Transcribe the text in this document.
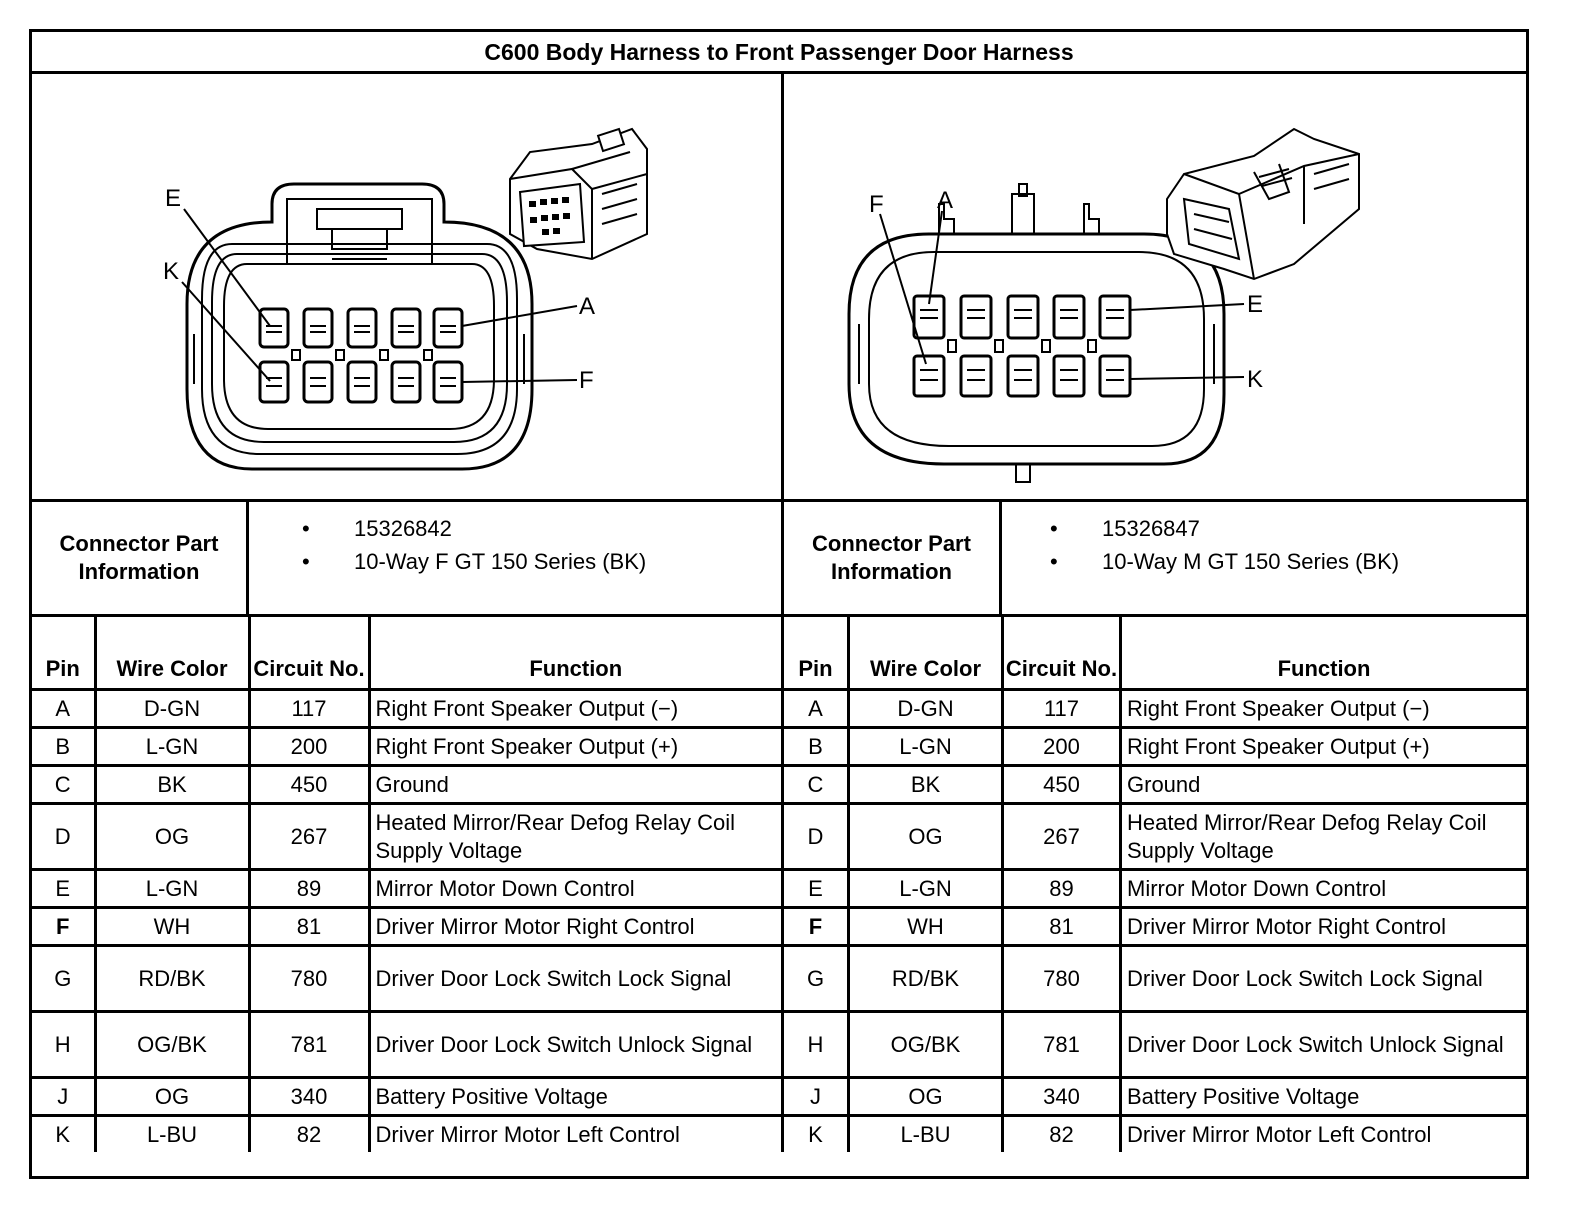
C600 Body Harness to Front Passenger Door Harness
E
K
A
F
F A
E
K
Connector Part Information
• 15326842
• 10-Way F GT 150 Series (BK)
Connector Part Information
• 15326847
• 10-Way M GT 150 Series (BK)
Pin	Wire Color	Circuit No.	Function
A	D-GN	117	Right Front Speaker Output (−)
B	L-GN	200	Right Front Speaker Output (+)
C	BK	450	Ground
D	OG	267	Heated Mirror/Rear Defog Relay Coil Supply Voltage
E	L-GN	89	Mirror Motor Down Control
F	WH	81	Driver Mirror Motor Right Control
G	RD/BK	780	Driver Door Lock Switch Lock Signal
H	OG/BK	781	Driver Door Lock Switch Unlock Signal
J	OG	340	Battery Positive Voltage
K	L-BU	82	Driver Mirror Motor Left Control
Pin	Wire Color	Circuit No.	Function
A	D-GN	117	Right Front Speaker Output (−)
B	L-GN	200	Right Front Speaker Output (+)
C	BK	450	Ground
D	OG	267	Heated Mirror/Rear Defog Relay Coil Supply Voltage
E	L-GN	89	Mirror Motor Down Control
F	WH	81	Driver Mirror Motor Right Control
G	RD/BK	780	Driver Door Lock Switch Lock Signal
H	OG/BK	781	Driver Door Lock Switch Unlock Signal
J	OG	340	Battery Positive Voltage
K	L-BU	82	Driver Mirror Motor Left Control
